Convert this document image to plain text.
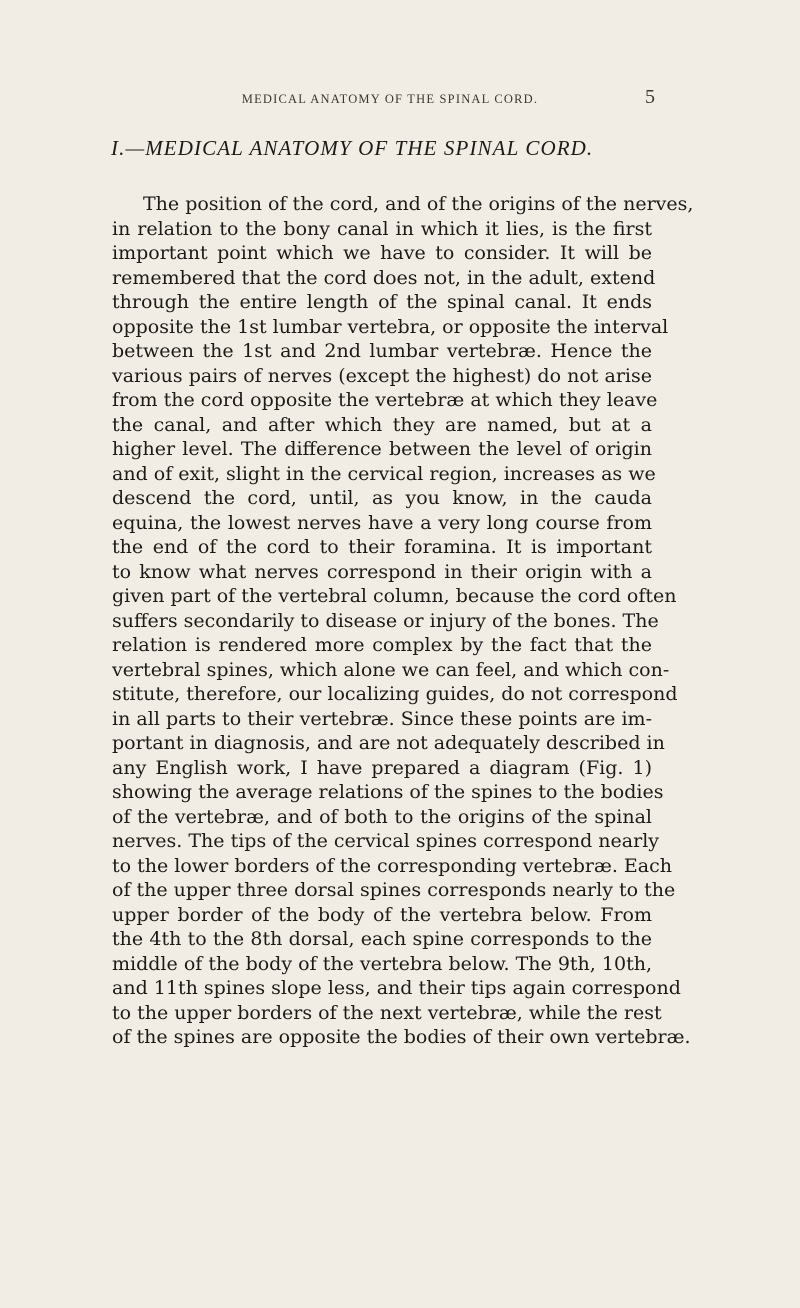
MEDICAL ANATOMY OF THE SPINAL CORD.	5
I.—MEDICAL ANATOMY OF THE SPINAL CORD.
The position of the cord, and of the origins of the nerves,
in relation to the bony canal in which it lies, is the first
important point which we have to consider. It will be
remembered that the cord does not, in the adult, extend
through the entire length of the spinal canal. It ends
opposite the 1st lumbar vertebra, or opposite the interval
between the 1st and 2nd lumbar vertebræ. Hence the
various pairs of nerves (except the highest) do not arise
from the cord opposite the vertebræ at which they leave
the canal, and after which they are named, but at a
higher level. The difference between the level of origin
and of exit, slight in the cervical region, increases as we
descend the cord, until, as you know, in the cauda
equina, the lowest nerves have a very long course from
the end of the cord to their foramina. It is important
to know what nerves correspond in their origin with a
given part of the vertebral column, because the cord often
suffers secondarily to disease or injury of the bones. The
relation is rendered more complex by the fact that the
vertebral spines, which alone we can feel, and which con-
stitute, therefore, our localizing guides, do not correspond
in all parts to their vertebræ. Since these points are im-
portant in diagnosis, and are not adequately described in
any English work, I have prepared a diagram (Fig. 1)
showing the average relations of the spines to the bodies
of the vertebræ, and of both to the origins of the spinal
nerves. The tips of the cervical spines correspond nearly
to the lower borders of the corresponding vertebræ. Each
of the upper three dorsal spines corresponds nearly to the
upper border of the body of the vertebra below. From
the 4th to the 8th dorsal, each spine corresponds to the
middle of the body of the vertebra below. The 9th, 10th,
and 11th spines slope less, and their tips again correspond
to the upper borders of the next vertebræ, while the rest
of the spines are opposite the bodies of their own vertebræ.
